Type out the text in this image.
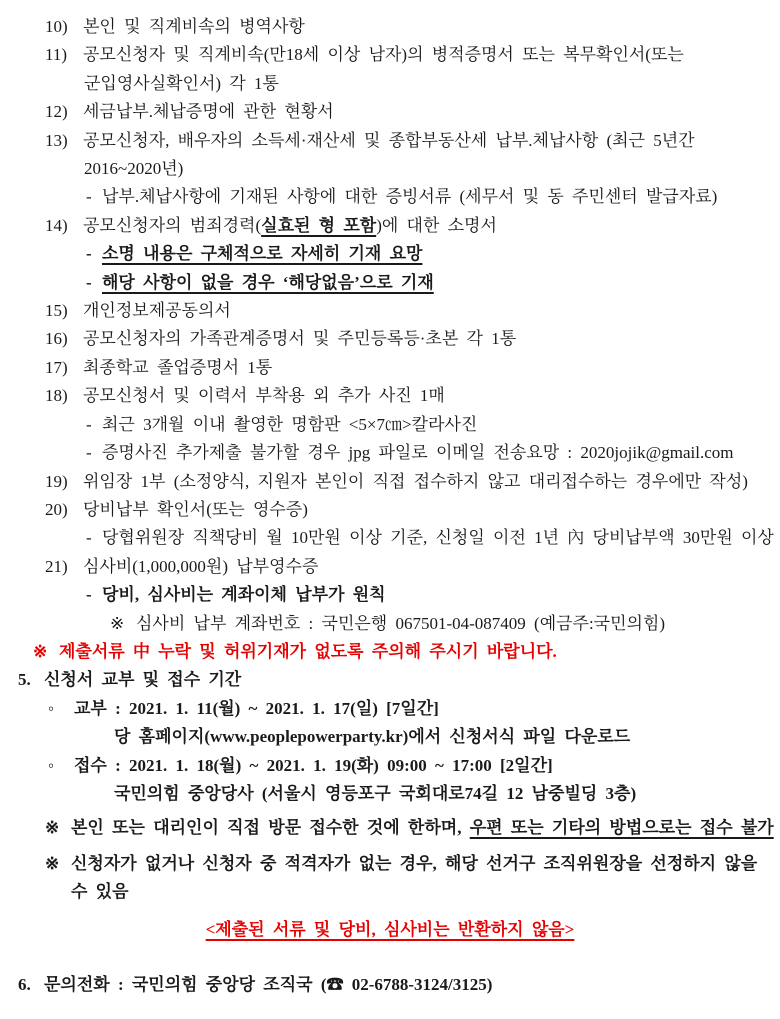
10) 본인 및 직계비속의 병역사항
11) 공모신청자 및 직계비속(만18세 이상 남자)의 병적증명서 또는 복무확인서(또는
군입영사실확인서) 각 1통
12) 세금납부.체납증명에 관한 현황서
13) 공모신청자, 배우자의 소득세·재산세 및 종합부동산세 납부.체납사항 (최근 5년간
2016~2020년)
- 납부.체납사항에 기재된 사항에 대한 증빙서류 (세무서 및 동 주민센터 발급자료)
14) 공모신청자의 범죄경력(실효된 형 포함)에 대한 소명서
- 소명 내용은 구체적으로 자세히 기재 요망
- 해당 사항이 없을 경우 ‘해당없음’으로 기재
15) 개인정보제공동의서
16) 공모신청자의 가족관계증명서 및 주민등록등·초본 각 1통
17) 최종학교 졸업증명서 1통
18) 공모신청서 및 이력서 부착용 외 추가 사진 1매
- 최근 3개월 이내 촬영한 명함판 <5×7㎝>칼라사진
- 증명사진 추가제출 불가할 경우 jpg 파일로 이메일 전송요망 : 2020jojik@gmail.com
19) 위임장 1부 (소정양식, 지원자 본인이 직접 접수하지 않고 대리접수하는 경우에만 작성)
20) 당비납부 확인서(또는 영수증)
- 당협위원장 직책당비 월 10만원 이상 기준, 신청일 이전 1년 內 당비납부액 30만원 이상
21) 심사비(1,000,000원) 납부영수증
- 당비, 심사비는 계좌이체 납부가 원칙
※ 심사비 납부 계좌번호 : 국민은행 067501-04-087409 (예금주:국민의힘)
※ 제출서류 中 누락 및 허위기재가 없도록 주의해 주시기 바랍니다.
5. 신청서 교부 및 접수 기간
◦ 교부 : 2021. 1. 11(월) ~ 2021. 1. 17(일) [7일간]
당 홈페이지(www.peoplepowerparty.kr)에서 신청서식 파일 다운로드
◦ 접수 : 2021. 1. 18(월) ~ 2021. 1. 19(화) 09:00 ~ 17:00 [2일간]
국민의힘 중앙당사 (서울시 영등포구 국회대로74길 12 남중빌딩 3층)
※ 본인 또는 대리인이 직접 방문 접수한 것에 한하며, 우편 또는 기타의 방법으로는 접수 불가
※ 신청자가 없거나 신청자 중 적격자가 없는 경우, 해당 선거구 조직위원장을 선정하지 않을
수 있음
<제출된 서류 및 당비, 심사비는 반환하지 않음>
6. 문의전화 : 국민의힘 중앙당 조직국 (☎ 02-6788-3124/3125)
